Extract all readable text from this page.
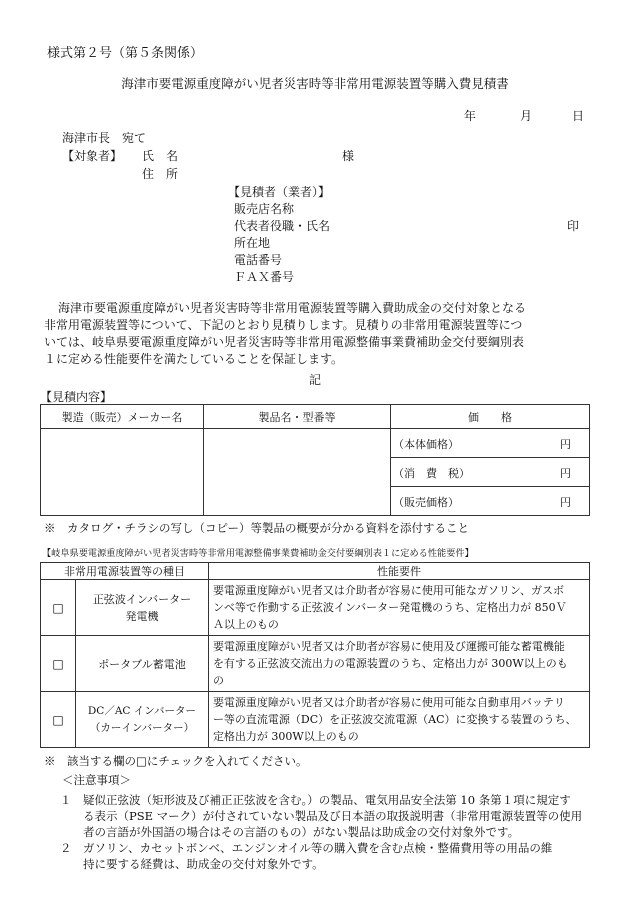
様式第２号（第５条関係）
海津市要電源重度障がい児者災害時等非常用電源装置等購入費見積書
年	月	日
海津市長　宛て
【対象者】 氏　名	様
住　所
【見積者（業者）】
販売店名称
代表者役職・氏名	印
所在地
電話番号
ＦＡＸ番号
海津市要電源重度障がい児者災害時等非常用電源装置等購入費助成金の交付対象となる
非常用電源装置等について、下記のとおり見積りします。見積りの非常用電源装置等につ
いては、岐阜県要電源重度障がい児者災害時等非常用電源整備事業費補助金交付要綱別表
１に定める性能要件を満たしていることを保証します。
記
【見積内容】
製造（販売）メーカー名	製品名・型番等	価　　格

		（本体価格） 円

		（消　費　税） 円

		（販売価格） 円
※　カタログ・チラシの写し（コピー）等製品の概要が分かる資料を添付すること
【岐阜県要電源重度障がい児者災害時等非常用電源整備事業費補助金交付要綱別表１に定める性能要件】
非常用電源装置等の種目		性能要件
□	正弦波インバーター
発電機	要電源重度障がい児者又は介助者が容易に使用可能なガソリン、ガスボ
ンベ等で作動する正弦波インバーター発電機のうち、定格出力が 850Ｖ
Ａ以上のもの

□	ポータブル蓄電池	要電源重度障がい児者又は介助者が容易に使用及び運搬可能な蓄電機能
を有する正弦波交流出力の電源装置のうち、定格出力が 300W以上のも
の

□	DC／AC インバーター
（カーインバーター）	要電源重度障がい児者又は介助者が容易に使用可能な自動車用バッテリ
ー等の直流電源（DC）を正弦波交流電源（AC）に変換する装置のうち、
定格出力が 300W以上のもの
※　該当する欄の□にチェックを入れてください。
＜注意事項＞
１　疑似正弦波（矩形波及び補正正弦波を含む。）の製品、電気用品安全法第 10 条第１項に規定す
　　る表示（PSE マーク）が付されていない製品及び日本語の取扱説明書（非常用電源装置等の使用
　　者の言語が外国語の場合はその言語のもの）がない製品は助成金の交付対象外です。
２　ガソリン、カセットボンベ、エンジンオイル等の購入費を含む点検・整備費用等の用品の維
　　持に要する経費は、助成金の交付対象外です。
